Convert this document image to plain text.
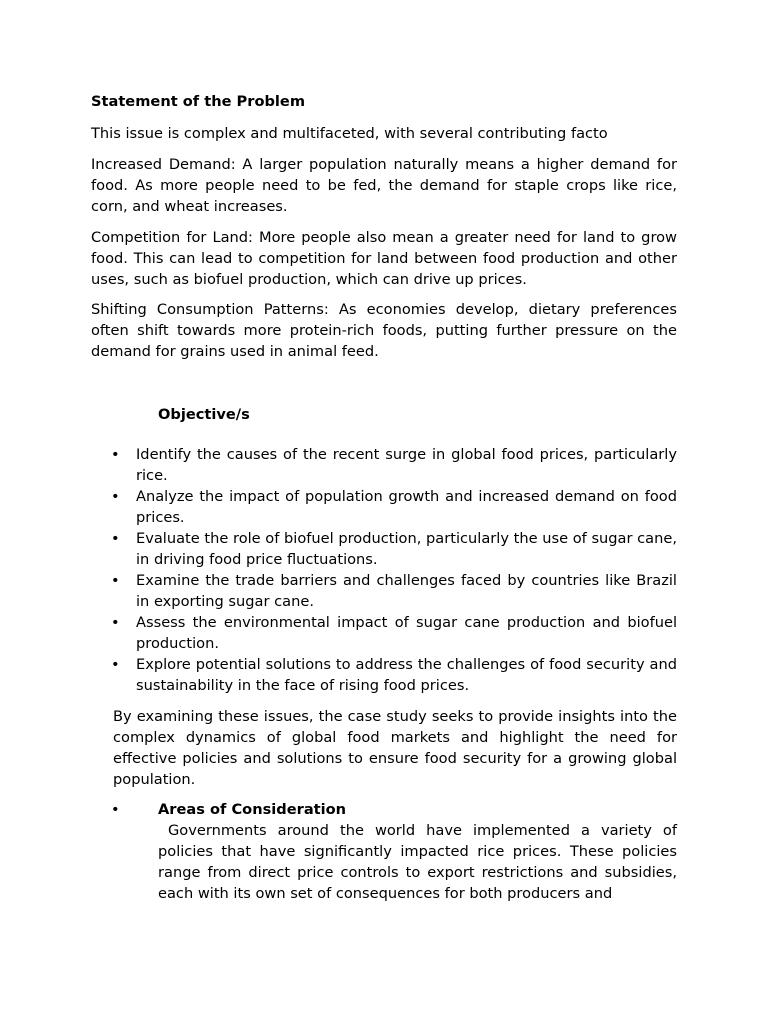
Statement of the Problem
This issue is complex and multifaceted, with several contributing facto

Increased Demand: A larger population naturally means a higher demand for food. As more people need to be fed, the demand for staple crops like rice, corn, and wheat increases.

Competition for Land: More people also mean a greater need for land to grow food. This can lead to competition for land between food production and other uses, such as biofuel production, which can drive up prices.

Shifting Consumption Patterns: As economies develop, dietary preferences often shift towards more protein-rich foods, putting further pressure on the demand for grains used in animal feed.

Objective/s
• Identify the causes of the recent surge in global food prices, particularly rice.
• Analyze the impact of population growth and increased demand on food prices.
• Evaluate the role of biofuel production, particularly the use of sugar cane, in driving food price fluctuations.
• Examine the trade barriers and challenges faced by countries like Brazil in exporting sugar cane.
• Assess the environmental impact of sugar cane production and biofuel production.
• Explore potential solutions to address the challenges of food security and sustainability in the face of rising food prices.

By examining these issues, the case study seeks to provide insights into the complex dynamics of global food markets and highlight the need for effective policies and solutions to ensure food security for a growing global population.

•	Areas of Consideration

Governments around the world have implemented a variety of policies that have significantly impacted rice prices. These policies range from direct price controls to export restrictions and subsidies, each with its own set of consequences for both producers and
